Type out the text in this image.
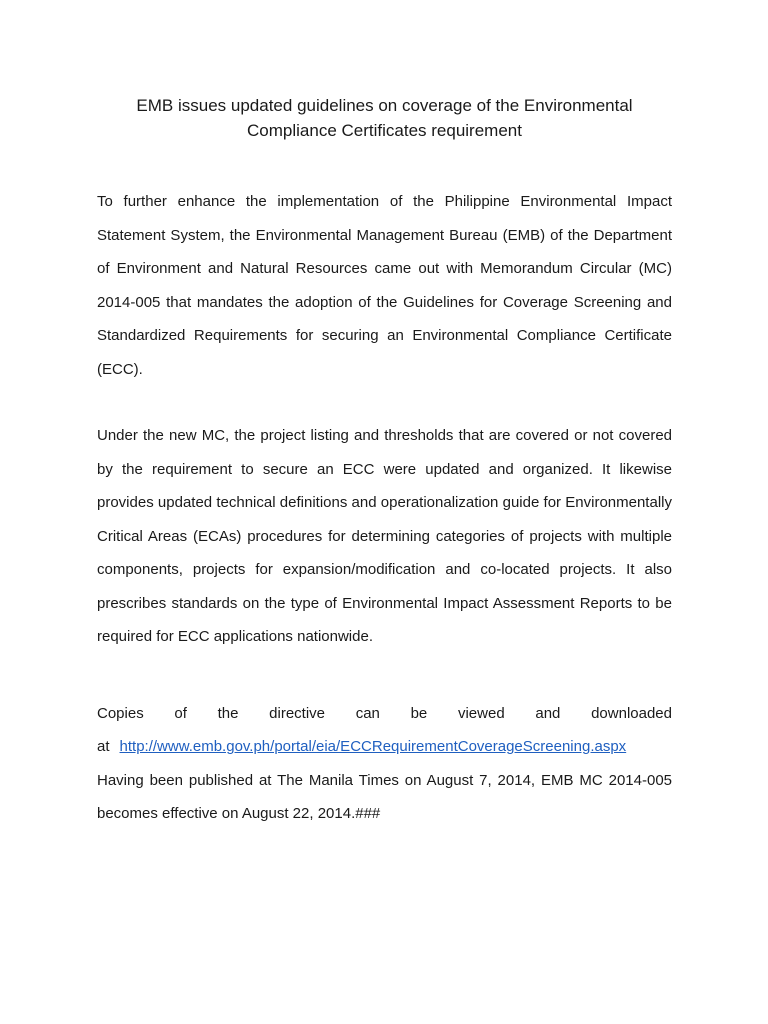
EMB issues updated guidelines on coverage of the Environmental
Compliance Certificates requirement

To further enhance the implementation of the Philippine Environmental Impact Statement System, the Environmental Management Bureau (EMB) of the Department of Environment and Natural Resources came out with Memorandum Circular (MC) 2014-005 that mandates the adoption of the Guidelines for Coverage Screening and Standardized Requirements for securing an Environmental Compliance Certificate (ECC).

Under the new MC, the project listing and thresholds that are covered or not covered by the requirement to secure an ECC were updated and organized. It likewise provides updated technical definitions and operationalization guide for Environmentally Critical Areas (ECAs) procedures for determining categories of projects with multiple components, projects for expansion/modification and co-located projects. It also prescribes standards on the type of Environmental Impact Assessment Reports to be required for ECC applications nationwide.

Copies of the directive can be viewed and downloaded
at http://www.emb.gov.ph/portal/eia/ECCRequirementCoverageScreening.aspx Having been published at The Manila Times on August 7, 2014, EMB MC 2014-005 becomes effective on August 22, 2014.###
